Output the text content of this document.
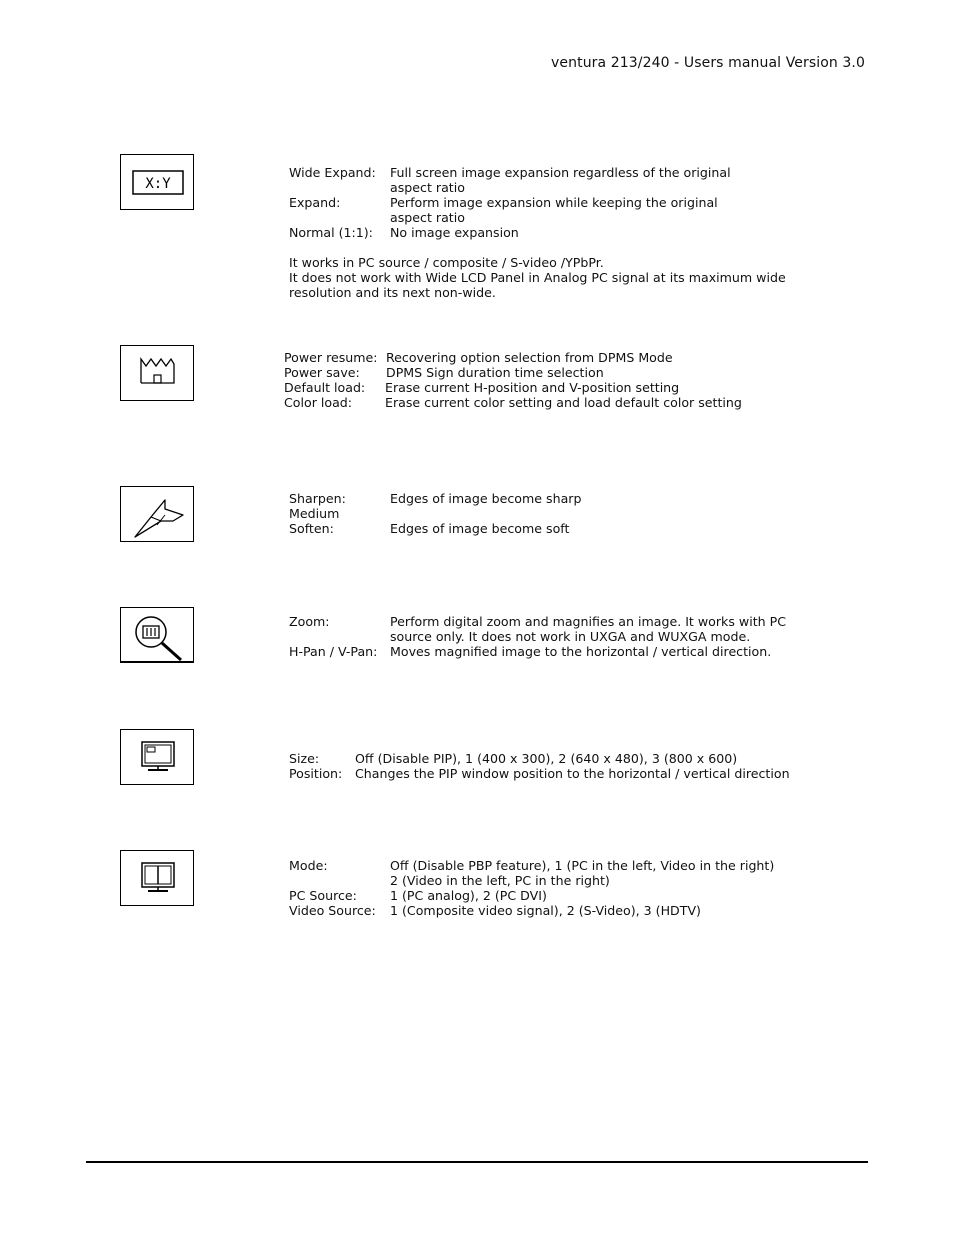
ventura 213/240 - Users manual Version 3.0
X:Y
Wide Expand: Full screen image expansion regardless of the original
aspect ratio
Expand:	Perform image expansion while keeping the original
aspect ratio
Normal (1:1): No image expansion
It works in PC source / composite / S-video /YPbPr.
It does not work with Wide LCD Panel in Analog PC signal at its maximum wide
resolution and its next non-wide.
Power resume: Recovering option selection from DPMS Mode
Power save: DPMS Sign duration time selection
Default load: Erase current H-position and V-position setting
Color load:	Erase current color setting and load default color setting
Sharpen:	Edges of image become sharp
Medium
Soften:	Edges of image become soft
Zoom:	Perform digital zoom and magnifies an image. It works with PC
source only. It does not work in UXGA and WUXGA mode.
H-Pan / V-Pan: Moves magnified image to the horizontal / vertical direction.
Size:	Off (Disable PIP), 1 (400 x 300), 2 (640 x 480), 3 (800 x 600)
Position: Changes the PIP window position to the horizontal / vertical direction
Mode:	Off (Disable PBP feature), 1 (PC in the left, Video in the right)
2 (Video in the left, PC in the right)
PC Source:	1 (PC analog), 2 (PC DVI)
Video Source: 1 (Composite video signal), 2 (S-Video), 3 (HDTV)
